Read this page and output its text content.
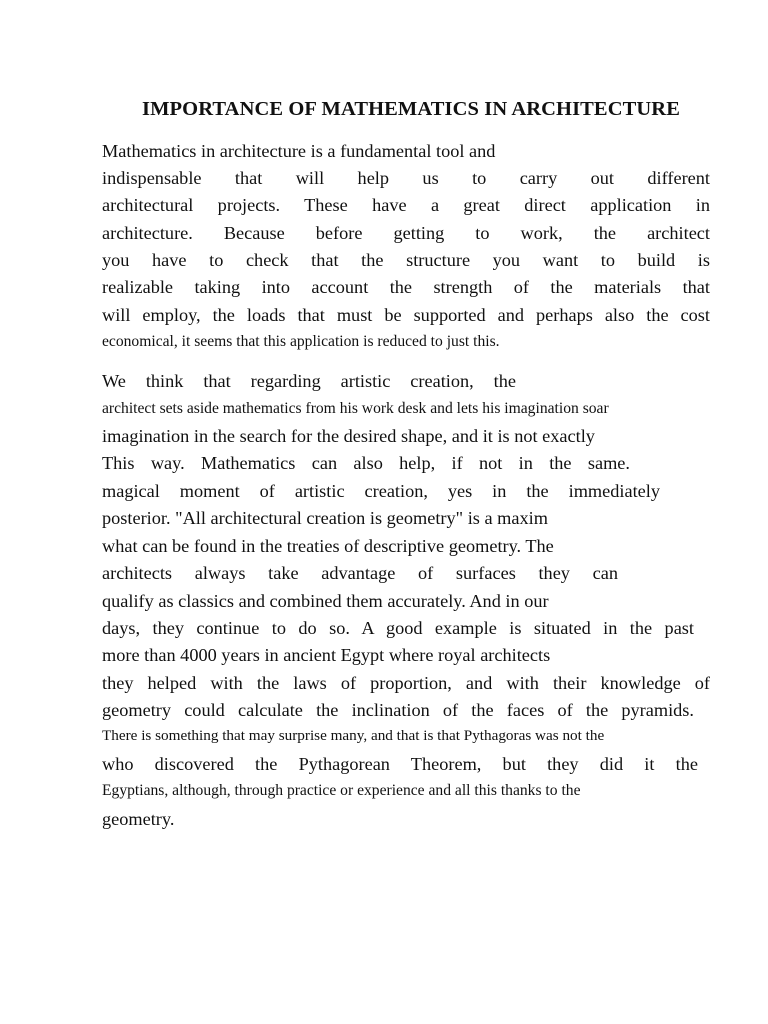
IMPORTANCE OF MATHEMATICS IN ARCHITECTURE
Mathematics in architecture is a fundamental tool and
indispensable that will help us to carry out different
architectural projects. These have a great direct application in
architecture. Because before getting to work, the architect
you have to check that the structure you want to build is
realizable taking into account the strength of the materials that
will employ, the loads that must be supported and perhaps also the cost
economical, it seems that this application is reduced to just this.
We think that regarding artistic creation, the
architect sets aside mathematics from his work desk and lets his imagination soar
imagination in the search for the desired shape, and it is not exactly
This way. Mathematics can also help, if not in the same.
magical moment of artistic creation, yes in the immediately
posterior. "All architectural creation is geometry" is a maxim
what can be found in the treaties of descriptive geometry. The
architects always take advantage of surfaces they can
qualify as classics and combined them accurately. And in our
days, they continue to do so. A good example is situated in the past
more than 4000 years in ancient Egypt where royal architects
they helped with the laws of proportion, and with their knowledge of
geometry could calculate the inclination of the faces of the pyramids.
There is something that may surprise many, and that is that Pythagoras was not the
who discovered the Pythagorean Theorem, but they did it the
Egyptians, although, through practice or experience and all this thanks to the
geometry.
